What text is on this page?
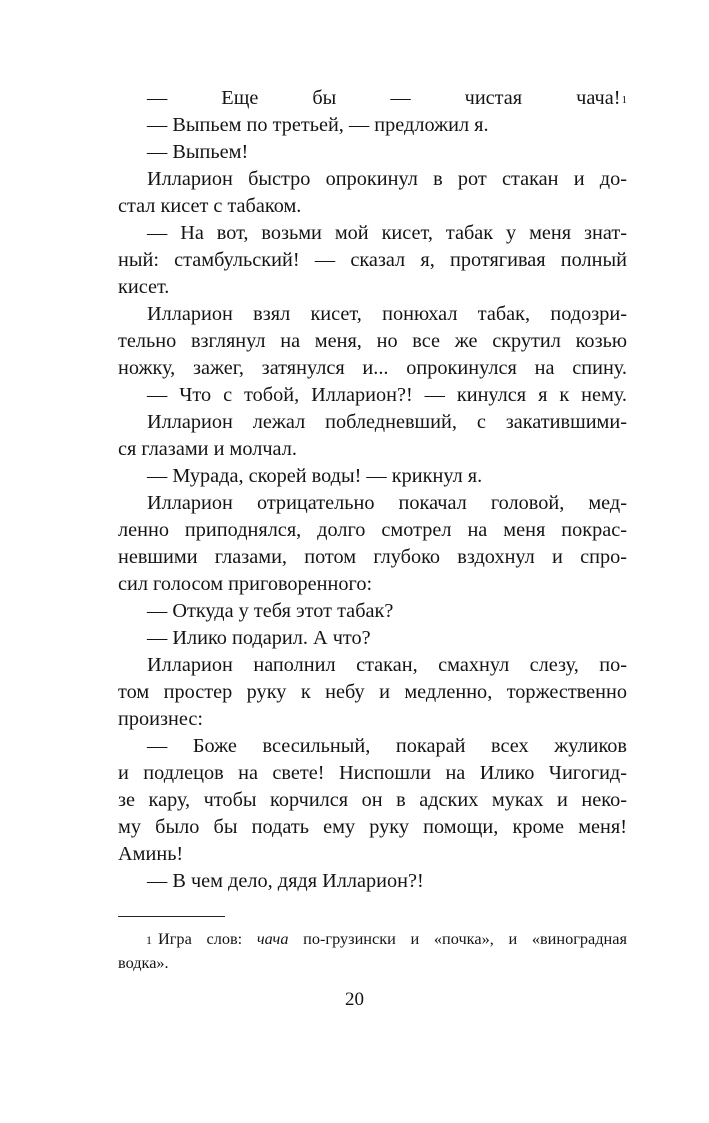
— Еще бы — чистая чача!$^1$
— Выпьем по третьей, — предложил я.
— Выпьем!
Илларион быстро опрокинул в рот стакан и до-
стал кисет с табаком.
— На вот, возьми мой кисет, табак у меня знат-
ный: стамбульский! — сказал я, протягивая полный
кисет.
Илларион взял кисет, понюхал табак, подозри-
тельно взглянул на меня, но все же скрутил козью
ножку, зажег, затянулся и... опрокинулся на спину.
— Что с тобой, Илларион?! — кинулся я к нему.
Илларион лежал побледневший, с закатившими-
ся глазами и молчал.
— Мурада, скорей воды! — крикнул я.
Илларион отрицательно покачал головой, мед-
ленно приподнялся, долго смотрел на меня покрас-
невшими глазами, потом глубоко вздохнул и спро-
сил голосом приговоренного:
— Откуда у тебя этот табак?
— Илико подарил. А что?
Илларион наполнил стакан, смахнул слезу, по-
том простер руку к небу и медленно, торжественно
произнес:
— Боже всесильный, покарай всех жуликов
и подлецов на свете! Ниспошли на Илико Чигогид-
зе кару, чтобы корчился он в адских муках и неко-
му было бы подать ему руку помощи, кроме меня!
Аминь!
— В чем дело, дядя Илларион?!
$^1$ Игра слов: чача по-грузински и «почка», и «виноградная
водка».
20
